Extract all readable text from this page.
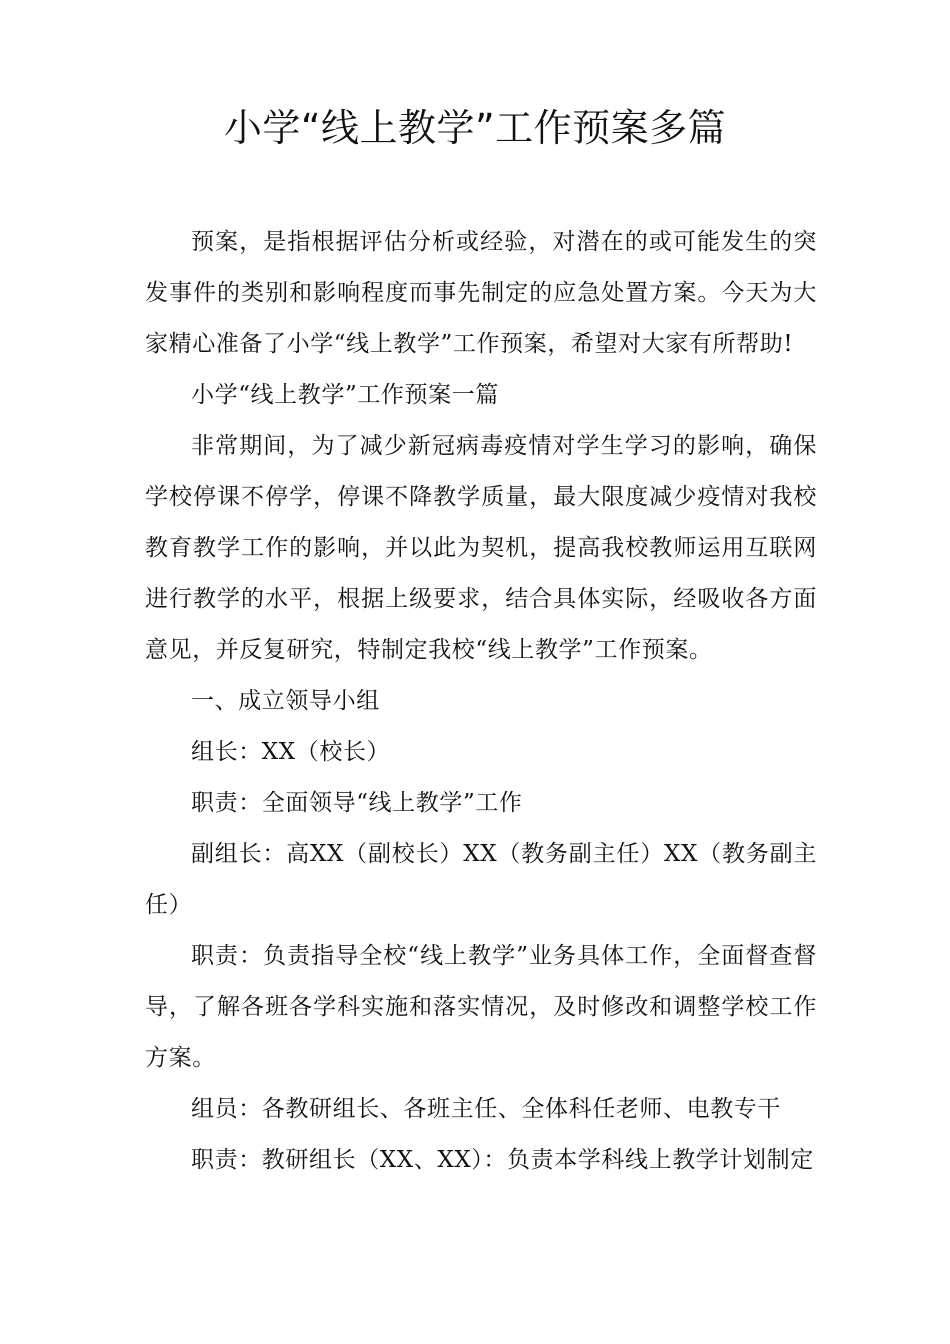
小学“线上教学”工作预案多篇

预案，是指根据评估分析或经验，对潜在的或可能发生的突发事件的类别和影响程度而事先制定的应急处置方案。今天为大家精心准备了小学“线上教学”工作预案，希望对大家有所帮助!

小学“线上教学”工作预案一篇

非常期间，为了减少新冠病毒疫情对学生学习的影响，确保学校停课不停学，停课不降教学质量，最大限度减少疫情对我校教育教学工作的影响，并以此为契机，提高我校教师运用互联网进行教学的水平，根据上级要求，结合具体实际，经吸收各方面意见，并反复研究，特制定我校“线上教学”工作预案。

一、成立领导小组

组长：XX（校长）

职责：全面领导“线上教学”工作

副组长：高XX（副校长）XX（教务副主任）XX（教务副主任）

职责：负责指导全校“线上教学”业务具体工作，全面督查督导，了解各班各学科实施和落实情况，及时修改和调整学校工作方案。

组员：各教研组长、各班主任、全体科任老师、电教专干

职责：教研组长（XX、XX）：负责本学科线上教学计划制定
